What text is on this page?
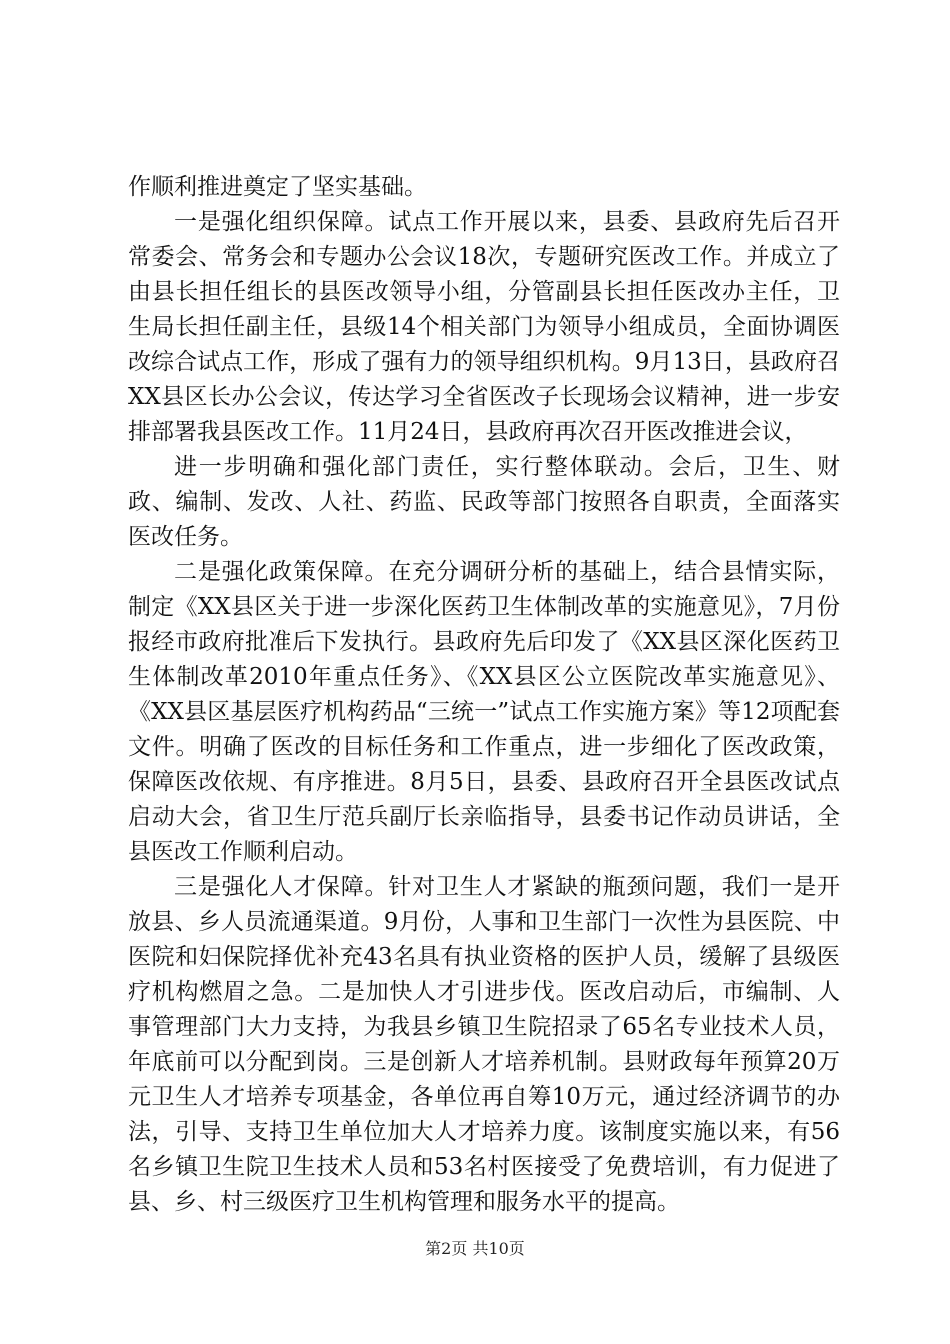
作顺利推进奠定了坚实基础。

一是强化组织保障。试点工作开展以来，县委、县政府先后召开常委会、常务会和专题办公会议18次，专题研究医改工作。并成立了由县长担任组长的县医改领导小组，分管副县长担任医改办主任，卫生局长担任副主任，县级14个相关部门为领导小组成员，全面协调医改综合试点工作，形成了强有力的领导组织机构。9月13日，县政府召XX县区长办公会议，传达学习全省医改子长现场会议精神，进一步安排部署我县医改工作。11月24日，县政府再次召开医改推进会议，

进一步明确和强化部门责任，实行整体联动。会后，卫生、财政、编制、发改、人社、药监、民政等部门按照各自职责，全面落实医改任务。

二是强化政策保障。在充分调研分析的基础上，结合县情实际，制定《XX县区关于进一步深化医药卫生体制改革的实施意见》，7月份报经市政府批准后下发执行。县政府先后印发了《XX县区深化医药卫生体制改革2010年重点任务》、《XX县区公立医院改革实施意见》、《XX县区基层医疗机构药品“三统一”试点工作实施方案》等12项配套文件。明确了医改的目标任务和工作重点，进一步细化了医改政策，保障医改依规、有序推进。8月5日，县委、县政府召开全县医改试点启动大会，省卫生厅范兵副厅长亲临指导，县委书记作动员讲话，全县医改工作顺利启动。

三是强化人才保障。针对卫生人才紧缺的瓶颈问题，我们一是开放县、乡人员流通渠道。9月份，人事和卫生部门一次性为县医院、中医院和妇保院择优补充43名具有执业资格的医护人员，缓解了县级医疗机构燃眉之急。二是加快人才引进步伐。医改启动后，市编制、人事管理部门大力支持，为我县乡镇卫生院招录了65名专业技术人员，年底前可以分配到岗。三是创新人才培养机制。县财政每年预算20万元卫生人才培养专项基金，各单位再自筹10万元，通过经济调节的办法，引导、支持卫生单位加大人才培养力度。该制度实施以来，有56名乡镇卫生院卫生技术人员和53名村医接受了免费培训，有力促进了县、乡、村三级医疗卫生机构管理和服务水平的提高。

第2页 共10页
